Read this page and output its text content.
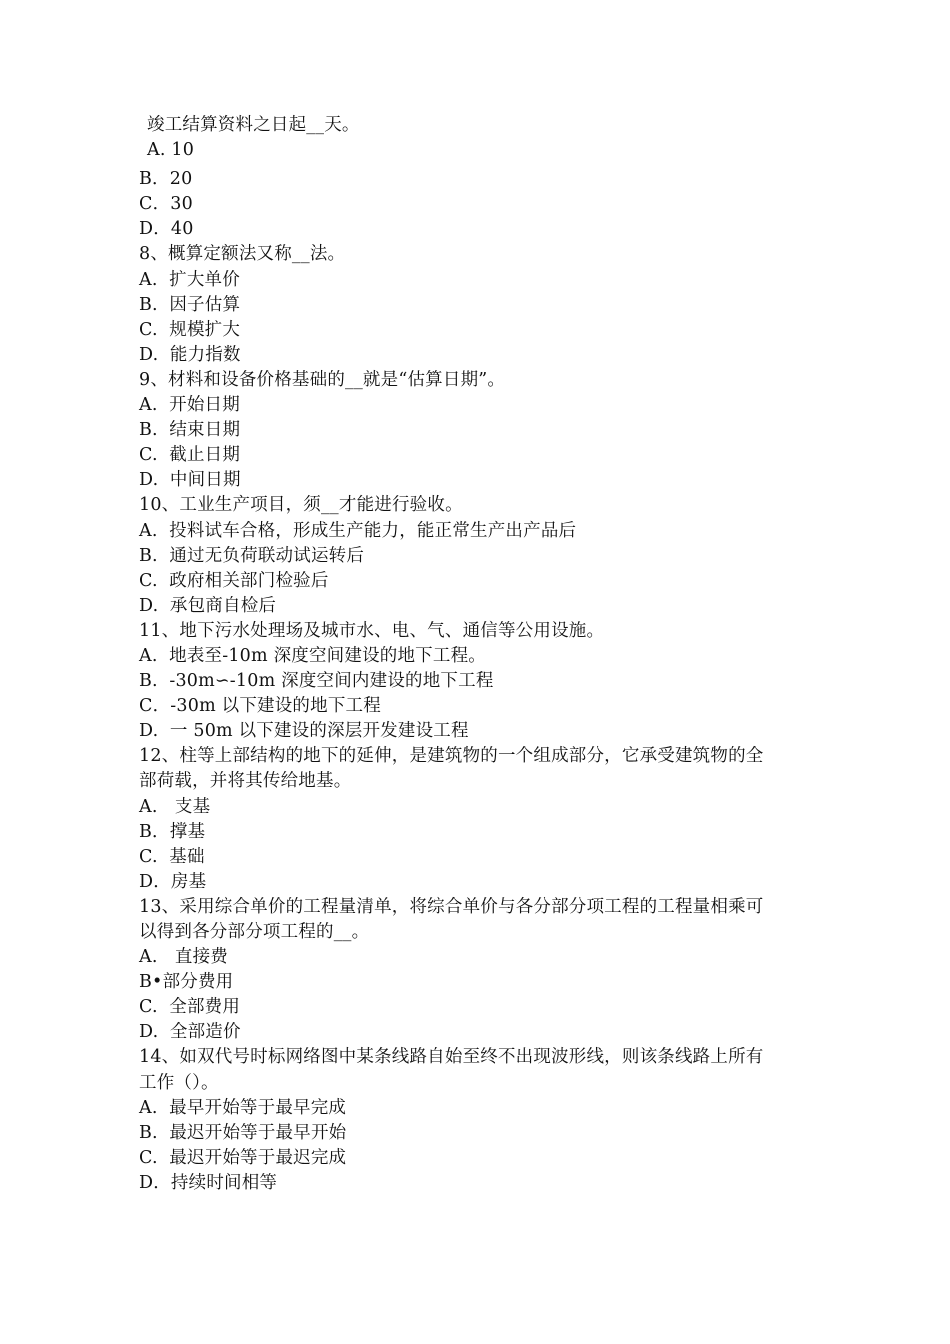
竣工结算资料之日起__天。
A. 10
B．20
C．30
D．40
8、概算定额法又称__法。
A.  扩大单价
B.  因子估算
C.  规模扩大
D.  能力指数
9、材料和设备价格基础的__就是“估算日期”。
A.  开始日期
B.  结束日期
C.  截止日期
D.  中间日期
10、工业生产项目，须__才能进行验收。
A.  投料试车合格，形成生产能力，能正常生产出产品后
B.  通过无负荷联动试运转后
C.  政府相关部门检验后
D.  承包商自检后
11、地下污水处理场及城市水、电、气、通信等公用设施。
A.  地表至-10m 深度空间建设的地下工程。
B.  -30m∽-10m 深度空间内建设的地下工程
C．-30m 以下建设的地下工程
D.  一 50m 以下建设的深层开发建设工程
12、柱等上部结构的地下的延伸，是建筑物的一个组成部分，它承受建筑物的全
部荷载，并将其传给地基。
A.   支基
B．撑基
C.  基础
D．房基
13、采用综合单价的工程量清单，将综合单价与各分部分项工程的工程量相乘可
以得到各分部分项工程的__。
A.   直接费
B•部分费用
C.  全部费用
D.  全部造价
14、如双代号时标网络图中某条线路自始至终不出现波形线，则该条线路上所有
工作（）。
A.  最早开始等于最早完成
B.  最迟开始等于最早开始
C.  最迟开始等于最迟完成
D．持续时间相等
